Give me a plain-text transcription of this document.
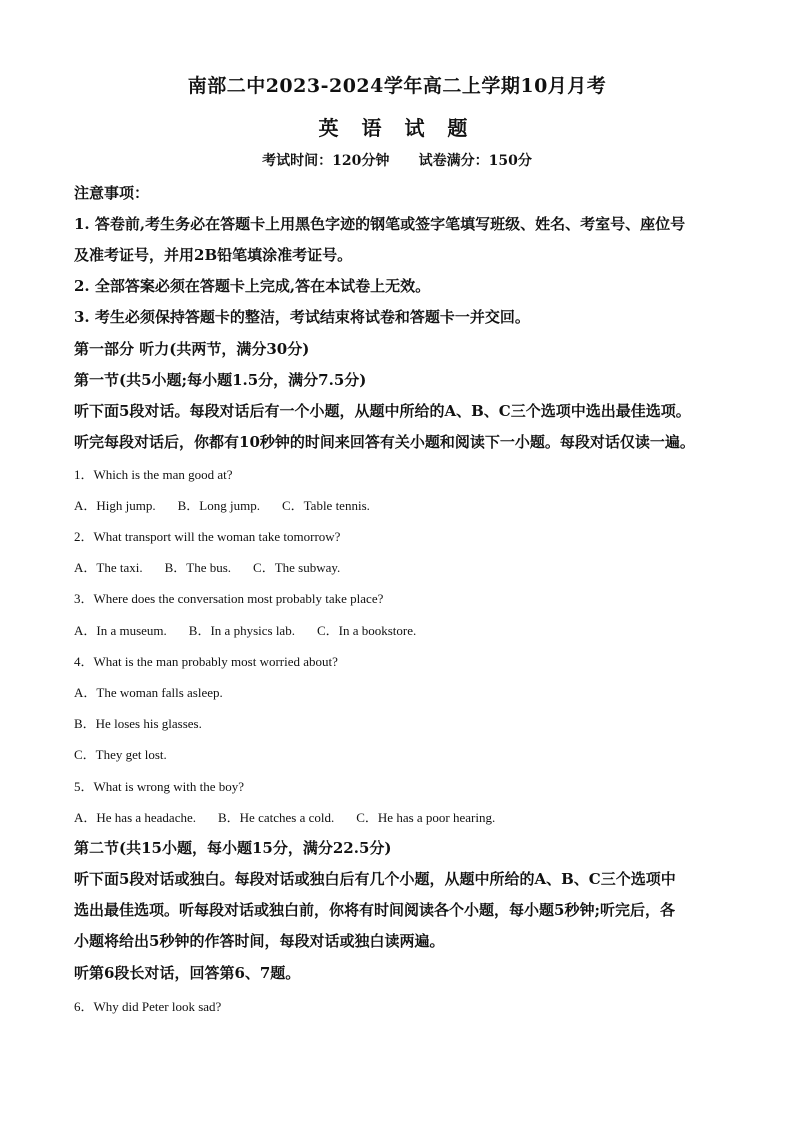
南部二中2023-2024学年高二上学期10月月考
英 语 试 题
考试时间：120分钟      试卷满分：150分
注意事项：
1. 答卷前,考生务必在答题卡上用黑色字迹的钢笔或签字笔填写班级、姓名、考室号、座位号
及准考证号，并用2B铅笔填涂准考证号。
2. 全部答案必须在答题卡上完成,答在本试卷上无效。
3. 考生必须保持答题卡的整洁，考试结束将试卷和答题卡一并交回。
第一部分 听力(共两节，满分30分)
第一节(共5小题;每小题1.5分，满分7.5分)
听下面5段对话。每段对话后有一个小题，从题中所给的A、B、C三个选项中选出最佳选项。
听完每段对话后，你都有10秒钟的时间来回答有关小题和阅读下一小题。每段对话仅读一遍。
1．Which is the man good at?
A．High jump. B．Long jump. C．Table tennis.
2．What transport will the woman take tomorrow?
A．The taxi. B．The bus. C．The subway.
3．Where does the conversation most probably take place?
A．In a museum. B．In a physics lab. C．In a bookstore.
4．What is the man probably most worried about?
A．The woman falls asleep.
B．He loses his glasses.
C．They get lost.
5．What is wrong with the boy?
A．He has a headache. B．He catches a cold. C．He has a poor hearing.
第二节(共15小题，每小题15分，满分22.5分)
听下面5段对话或独白。每段对话或独白后有几个小题，从题中所给的A、B、C三个选项中
选出最佳选项。听每段对话或独白前，你将有时间阅读各个小题，每小题5秒钟;听完后，各
小题将给出5秒钟的作答时间，每段对话或独白读两遍。
听第6段长对话，回答第6、7题。
6．Why did Peter look sad?
